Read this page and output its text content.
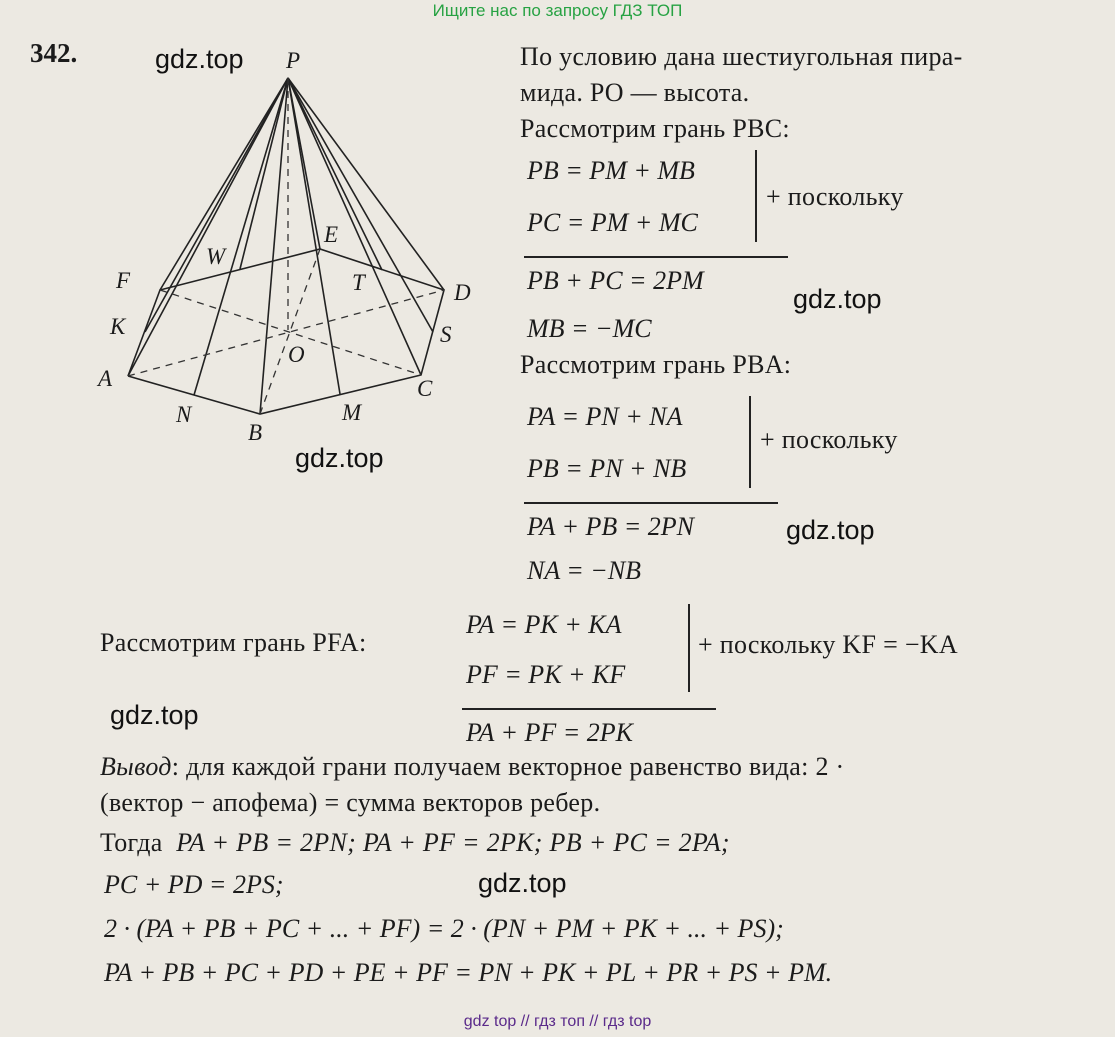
Ищите нас по запросу ГДЗ ТОП
342.	P
E
W
F	T	D
K	S
O
A	C
N	M
B
gdz.top
gdz.top
gdz.top
gdz.top
gdz.top
gdz.top
По условию дана шестиугольная пира-
мида. PO — высота.
Рассмотрим грань PBC:
PB = PM + MB
PC = PM + MC
+ поскольку
PB + PC = 2PM
MB = −MC
Рассмотрим грань PBA:
PA = PN + NA
PB = PN + NB
+ поскольку
PA + PB = 2PN
NA = −NB
Рассмотрим грань PFA:
PA = PK + KA
PF = PK + KF
+ поскольку KF = −KA
PA + PF = 2PK
Вывод: для каждой грани получаем векторное равенство вида: 2 ·
(вектор − апофема) = сумма векторов ребер.
Тогда PA + PB = 2PN; PA + PF = 2PK; PB + PC = 2PA;
PC + PD = 2PS;
2 · (PA + PB + PC + ... + PF) = 2 · (PN + PM + PK + ... + PS);
PA + PB + PC + PD + PE + PF = PN + PK + PL + PR + PS + PM.
gdz top // гдз топ // гдз top
